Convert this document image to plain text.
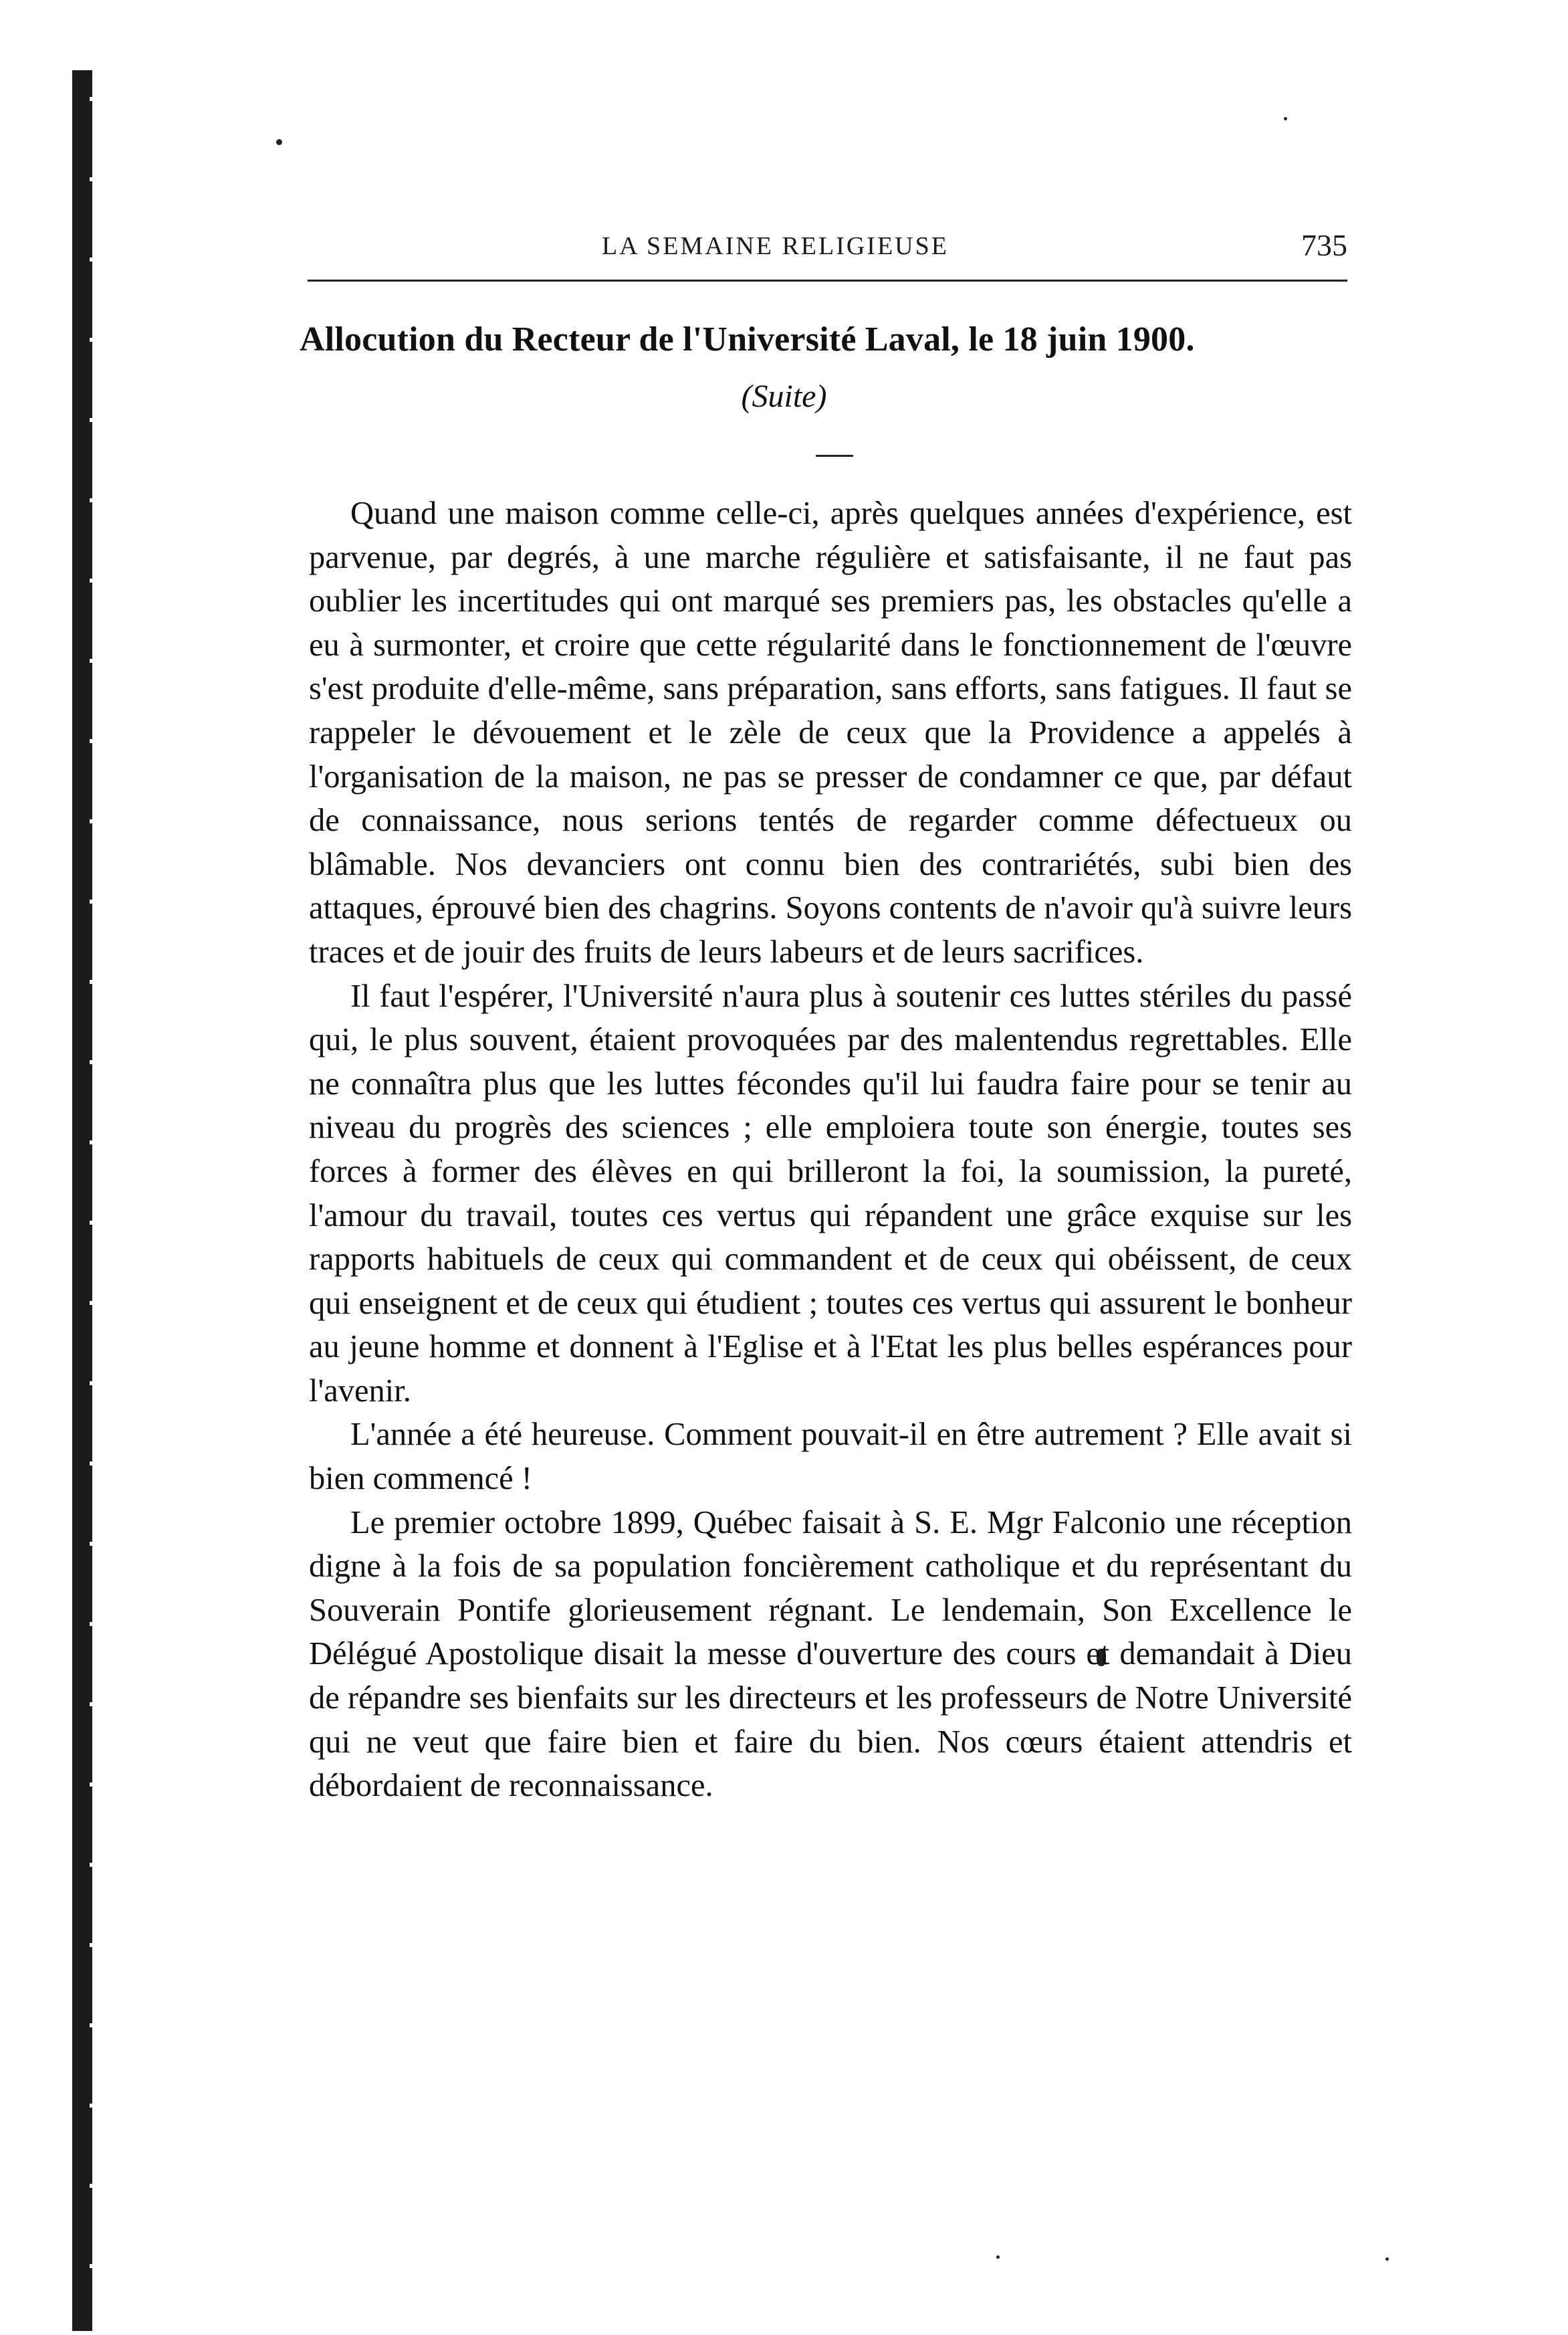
LA SEMAINE RELIGIEUSE	735
Allocution du Recteur de l'Université Laval, le 18 juin 1900.
(Suite)

Quand une maison comme celle-ci, après quelques années d'expérience, est parvenue, par degrés, à une marche régulière et satisfaisante, il ne faut pas oublier les incertitudes qui ont marqué ses premiers pas, les obstacles qu'elle a eu à surmonter, et croire que cette régularité dans le fonctionnement de l'œuvre s'est produite d'elle-même, sans préparation, sans efforts, sans fatigues. Il faut se rappeler le dévouement et le zèle de ceux que la Providence a appelés à l'organisation de la maison, ne pas se presser de condamner ce que, par défaut de connaissance, nous serions tentés de regarder comme défectueux ou blâmable. Nos devanciers ont connu bien des contrariétés, subi bien des attaques, éprouvé bien des chagrins. Soyons contents de n'avoir qu'à suivre leurs traces et de jouir des fruits de leurs labeurs et de leurs sacrifices.

Il faut l'espérer, l'Université n'aura plus à soutenir ces luttes stériles du passé qui, le plus souvent, étaient provoquées par des malentendus regrettables. Elle ne connaîtra plus que les luttes fécondes qu'il lui faudra faire pour se tenir au niveau du progrès des sciences ; elle emploiera toute son énergie, toutes ses forces à former des élèves en qui brilleront la foi, la soumission, la pureté, l'amour du travail, toutes ces vertus qui répandent une grâce exquise sur les rapports habituels de ceux qui commandent et de ceux qui obéissent, de ceux qui enseignent et de ceux qui étudient ; toutes ces vertus qui assurent le bonheur au jeune homme et donnent à l'Eglise et à l'Etat les plus belles espérances pour l'avenir.

L'année a été heureuse. Comment pouvait-il en être autrement ? Elle avait si bien commencé !

Le premier octobre 1899, Québec faisait à S. E. Mgr Falconio une réception digne à la fois de sa population foncièrement catholique et du représentant du Souverain Pontife glorieusement régnant. Le lendemain, Son Excellence le Délégué Apostolique disait la messe d'ouverture des cours et demandait à Dieu de répandre ses bienfaits sur les directeurs et les professeurs de Notre Université qui ne veut que faire bien et faire du bien. Nos cœurs étaient attendris et débordaient de reconnaissance.
